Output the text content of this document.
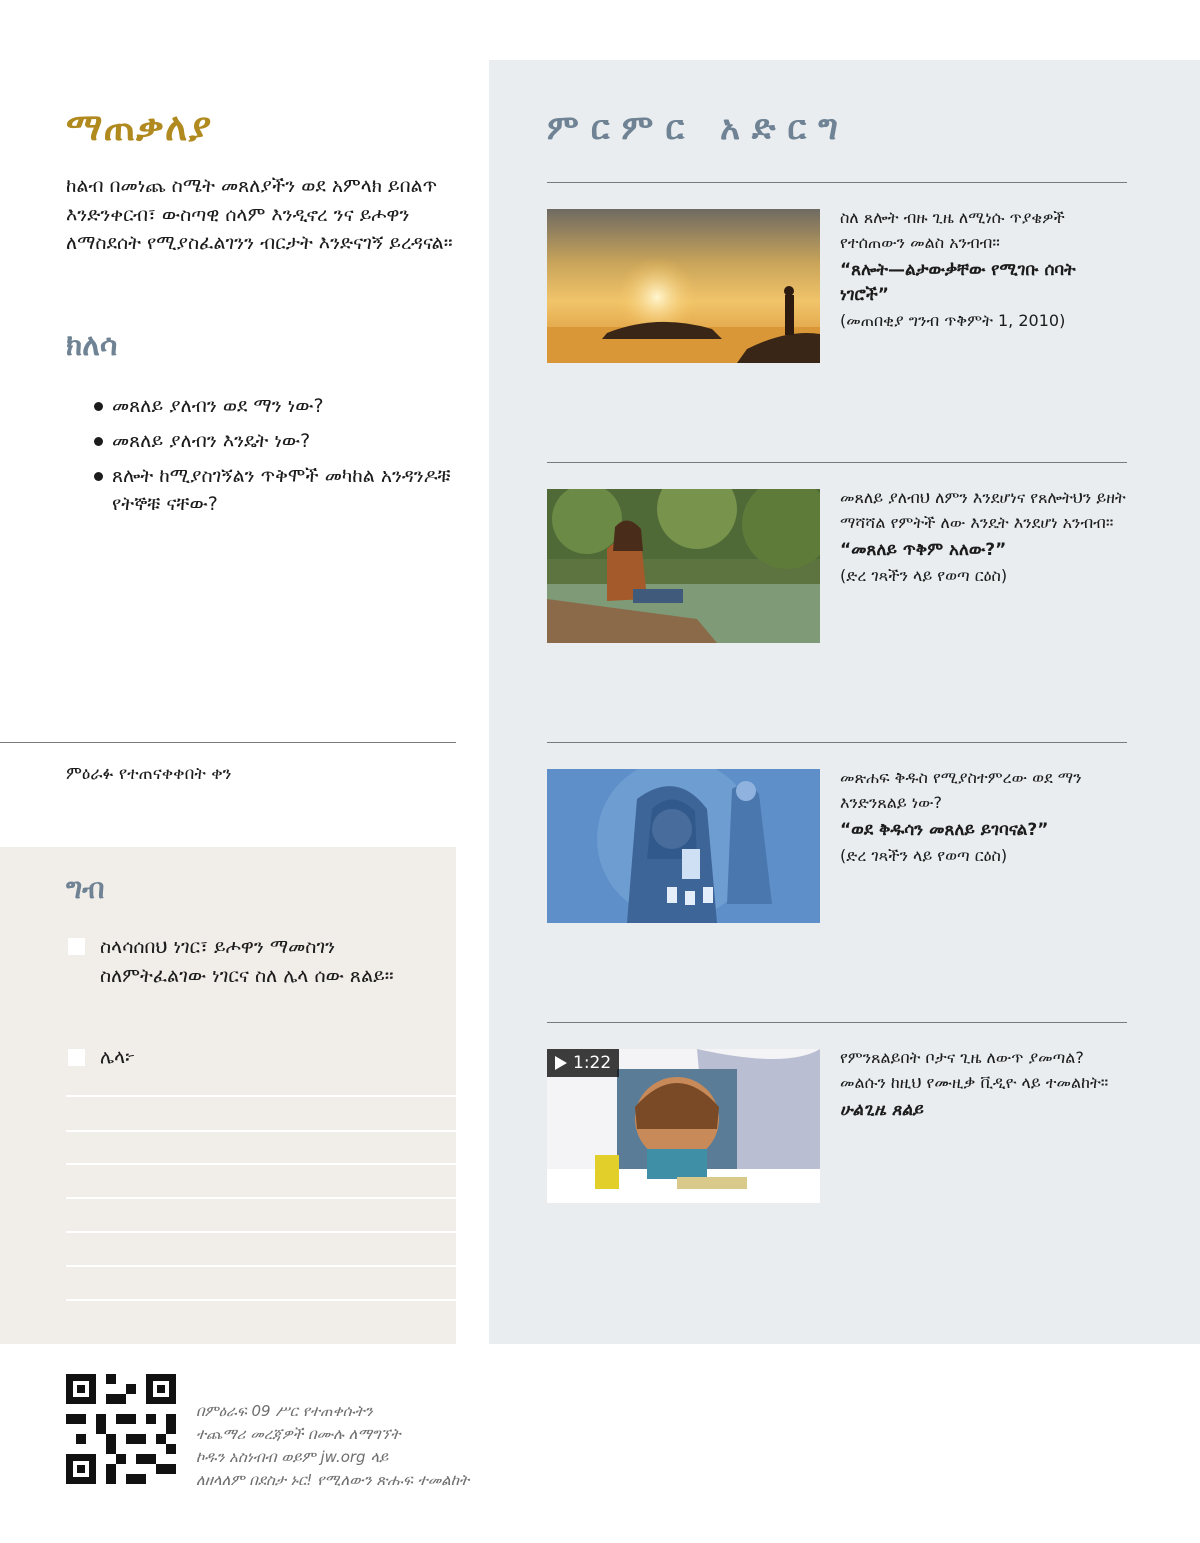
ማጠቃለያ

ከልብ በመነጨ ስሜት መጸለያችን ወደ አምላክ ይበልጥ እንድንቀርብ፣ ውስጣዊ ሰላም እንዲኖረ ንና ይሖዋን ለማስደሰት የሚያስፈልገንን ብርታት እንድናገኝ ይረዳናል።

ክለሳ
መጸለይ ያለብን ወደ ማን ነው?
መጸለይ ያለብን እንዴት ነው?
ጸሎት ከሚያስገኝልን ጥቅሞች መካከል አንዳንዶቹ የትኞቹ ናቸው?
ምዕራፉ የተጠናቀቀበት ቀን
ግብ
ስላሳሰበህ ነገር፣ ይሖዋን ማመስገን ስለምትፈልገው ነገርና ስለ ሌላ ሰው ጸልይ።
ሌላ፦
ምርምር አድርግ
ስለ ጸሎት ብዙ ጊዜ ለሚነሱ ጥያቄዎች የተሰጠውን መልስ አንብብ።
“ጸሎት—ልታውቃቸው የሚገቡ ሰባት ነገሮች”
(መጠበቂያ ግንብ ጥቅምት 1, 2010)
መጸለይ ያለብህ ለምን እንደሆነና የጸሎትህን ይዘት ማሻሻል የምትች ለው እንዴት እንደሆነ አንብብ።
“መጸለይ ጥቅም አለው?”
(ድረ ገጻችን ላይ የወጣ ርዕስ)
መጽሐፍ ቅዱስ የሚያስተምረው ወደ ማን እንድንጸልይ ነው?
“ወደ ቅዱሳን መጸለይ ይገባናል?”
(ድረ ገጻችን ላይ የወጣ ርዕስ)
1:22	የምንጸልይበት ቦታና ጊዜ ለውጥ ያመጣል? መልሱን ከዚህ የሙዚቃ ቪዲዮ ላይ ተመልከት።
ሁልጊዜ ጸልይ
በምዕራፍ 09 ሥር የተጠቀሱትን
ተጨማሪ መረጃዎች በሙሉ ለማግኘት
ኮዱን አስነብብ ወይም jw.org ላይ
ለዘላለም በደስታ ኑር! የሚለውን ጽሑፍ ተመልከት
